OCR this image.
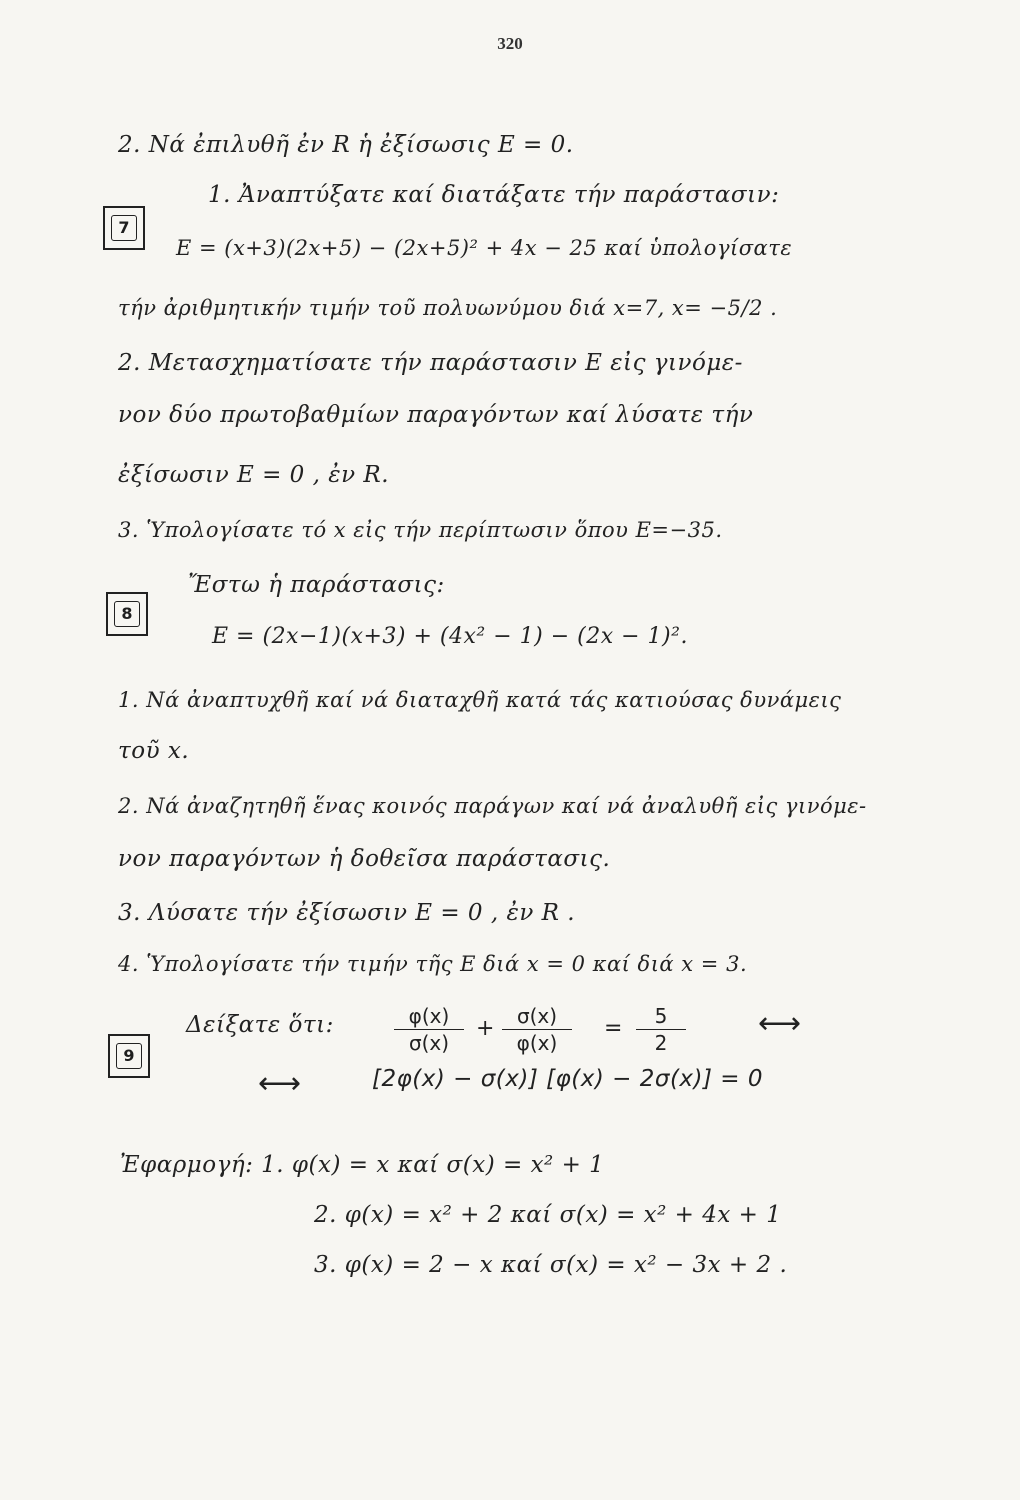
320
2. Νά ἐπιλυθῆ ἐν R ἡ ἐξίσωσις E = 0.
7
1. Ἀναπτύξατε καί διατάξατε τήν παράστασιν:
E = (x+3)(2x+5) − (2x+5)² + 4x − 25 καί ὑπολογίσατε
τήν ἀριθμητικήν τιμήν τοῦ πολυωνύμου διά x=7, x= −5/2 .
2. Μετασχηματίσατε τήν παράστασιν E εἰς γινόμε-
νον δύο πρωτοβαθμίων παραγόντων καί λύσατε τήν
ἐξίσωσιν E = 0 , ἐν R.
3. Ὑπολογίσατε τό x εἰς τήν περίπτωσιν ὅπου E=−35.
8
Ἔστω ἡ παράστασις:
E = (2x−1)(x+3) + (4x² − 1) − (2x − 1)².
1. Νά ἀναπτυχθῆ καί νά διαταχθῆ κατά τάς κατιούσας δυνάμεις
τοῦ x.
2. Νά ἀναζητηθῆ ἕνας κοινός παράγων καί νά ἀναλυθῆ εἰς γινόμε-
νον παραγόντων ἡ δοθεῖσα παράστασις.
3. Λύσατε τήν ἐξίσωσιν E = 0 , ἐν R .
4. Ὑπολογίσατε τήν τιμήν τῆς E διά x = 0 καί διά x = 3.
9
Δείξατε ὅτι:	$\frac{\varphi(x)}{\sigma(x)} + \frac{\sigma(x)}{\varphi(x)} = \frac{5}{2}$ ⟷
⟷	[2φ(x) − σ(x)] [φ(x) − 2σ(x)] = 0
Ἐφαρμογή: 1. φ(x) = x καί σ(x) = x² + 1
2. φ(x) = x² + 2 καί σ(x) = x² + 4x + 1
3. φ(x) = 2 − x καί σ(x) = x² − 3x + 2 .
